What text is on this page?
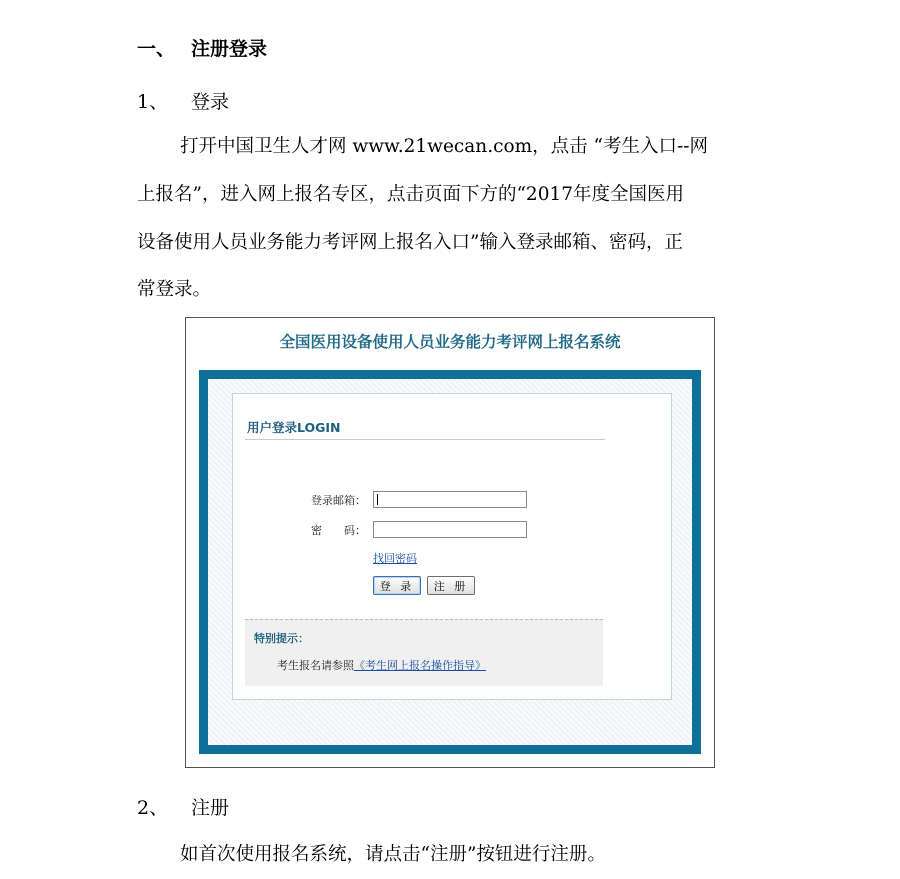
一、 注册登录
1、 登录
打开中国卫生人才网 www.21wecan.com，点击 “考生入口--网
上报名”，进入网上报名专区，点击页面下方的“2017年度全国医用
设备使用人员业务能力考评网上报名入口”输入登录邮箱、密码，正
常登录。
全国医用设备使用人员业务能力考评网上报名系统
用户登录LOGIN
登录邮箱：
密　　码：
找回密码
登 录	注 册
特别提示：
考生报名请参照《考生网上报名操作指导》
2、 注册
如首次使用报名系统，请点击“注册”按钮进行注册。
